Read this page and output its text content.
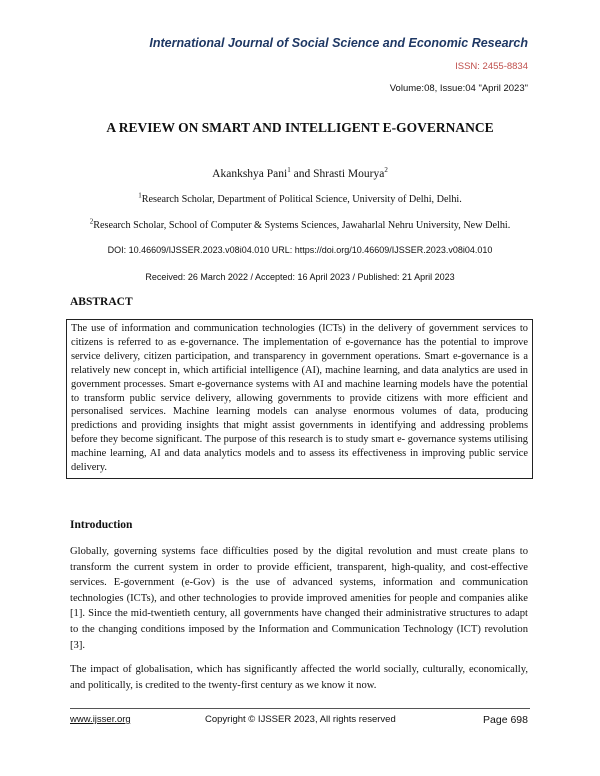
International Journal of Social Science and Economic Research
ISSN: 2455-8834
Volume:08, Issue:04 "April 2023"
A REVIEW ON SMART AND INTELLIGENT E-GOVERNANCE
Akankshya Pani$^1$ and Shrasti Mourya$^2$
$^1$Research Scholar, Department of Political Science, University of Delhi, Delhi.
$^2$Research Scholar, School of Computer & Systems Sciences, Jawaharlal Nehru University, New Delhi.
DOI: 10.46609/IJSSER.2023.v08i04.010 URL: https://doi.org/10.46609/IJSSER.2023.v08i04.010
Received: 26 March 2022 / Accepted: 16 April 2023 / Published: 21 April 2023
ABSTRACT
The use of information and communication technologies (ICTs) in the delivery of government services to citizens is referred to as e-governance. The implementation of e-governance has the potential to improve service delivery, citizen participation, and transparency in government operations. Smart e-governance is a relatively new concept in, which artificial intelligence (AI), machine learning, and data analytics are used in government processes. Smart e-governance systems with AI and machine learning models have the potential to transform public service delivery, allowing governments to provide citizens with more efficient and personalised services. Machine learning models can analyse enormous volumes of data, producing predictions and providing insights that might assist governments in identifying and addressing problems before they become significant. The purpose of this research is to study smart e- governance systems utilising machine learning, AI and data analytics models and to assess its effectiveness in improving public service delivery.
Introduction
Globally, governing systems face difficulties posed by the digital revolution and must create plans to transform the current system in order to provide efficient, transparent, high-quality, and cost-effective services. E-government (e-Gov) is the use of advanced systems, information and communication technologies (ICTs), and other technologies to provide improved amenities for people and companies alike [1]. Since the mid-twentieth century, all governments have changed their administrative structures to adapt to the changing conditions imposed by the Information and Communication Technology (ICT) revolution [3].
The impact of globalisation, which has significantly affected the world socially, culturally, economically, and politically, is credited to the twenty-first century as we know it now.
www.ijsser.org	Copyright © IJSSER 2023, All rights reserved	Page 698
